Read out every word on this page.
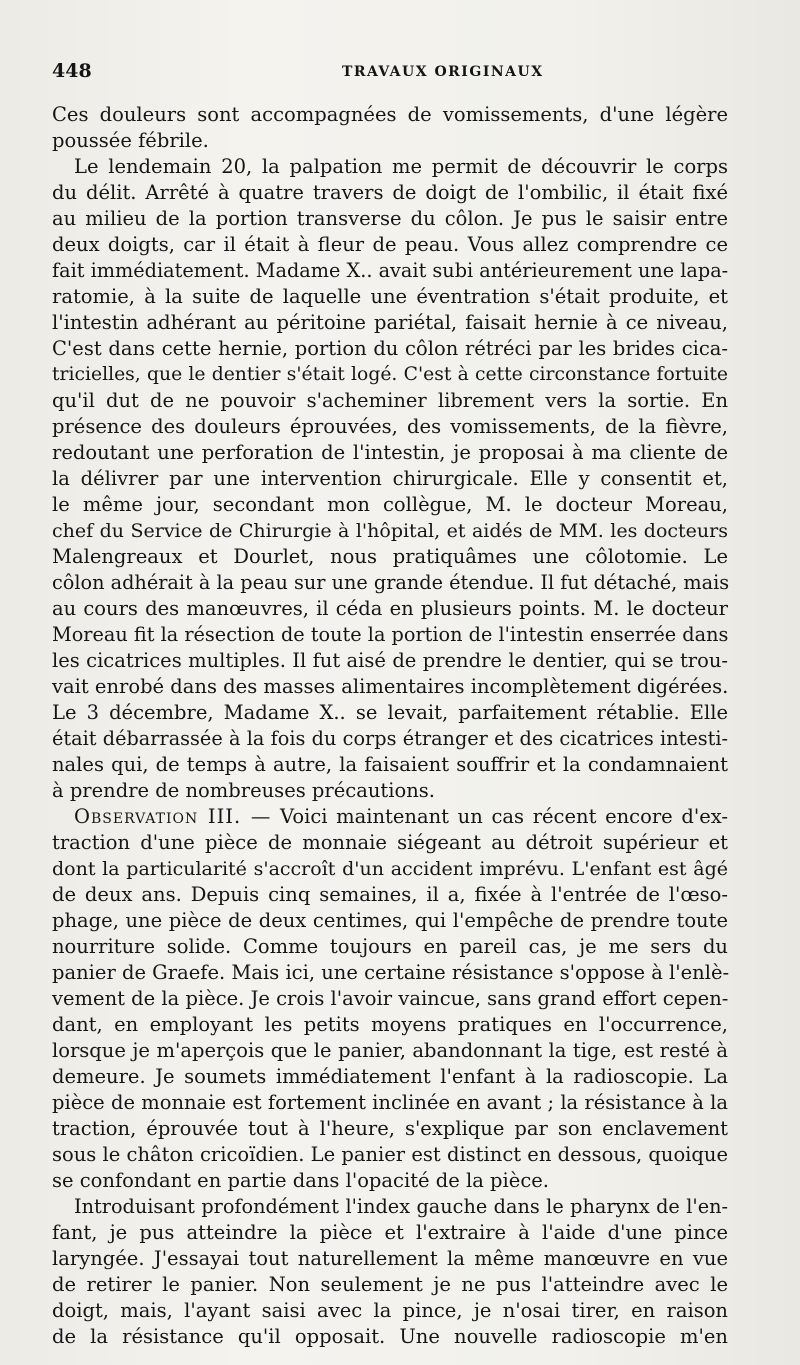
448	TRAVAUX ORIGINAUX
Ces douleurs sont accompagnées de vomissements, d'une légère
poussée fébrile.
Le lendemain 20, la palpation me permit de découvrir le corps
du délit. Arrêté à quatre travers de doigt de l'ombilic, il était fixé
au milieu de la portion transverse du côlon. Je pus le saisir entre
deux doigts, car il était à fleur de peau. Vous allez comprendre ce
fait immédiatement. Madame X.. avait subi antérieurement une lapa-
ratomie, à la suite de laquelle une éventration s'était produite, et
l'intestin adhérant au péritoine pariétal, faisait hernie à ce niveau,
C'est dans cette hernie, portion du côlon rétréci par les brides cica-
tricielles, que le dentier s'était logé. C'est à cette circonstance fortuite
qu'il dut de ne pouvoir s'acheminer librement vers la sortie. En
présence des douleurs éprouvées, des vomissements, de la fièvre,
redoutant une perforation de l'intestin, je proposai à ma cliente de
la délivrer par une intervention chirurgicale. Elle y consentit et,
le même jour, secondant mon collègue, M. le docteur Moreau,
chef du Service de Chirurgie à l'hôpital, et aidés de MM. les docteurs
Malengreaux et Dourlet, nous pratiquâmes une côlotomie. Le
côlon adhérait à la peau sur une grande étendue. Il fut détaché, mais
au cours des manœuvres, il céda en plusieurs points. M. le docteur
Moreau fit la résection de toute la portion de l'intestin enserrée dans
les cicatrices multiples. Il fut aisé de prendre le dentier, qui se trou-
vait enrobé dans des masses alimentaires incomplètement digérées.
Le 3 décembre, Madame X.. se levait, parfaitement rétablie. Elle
était débarrassée à la fois du corps étranger et des cicatrices intesti-
nales qui, de temps à autre, la faisaient souffrir et la condamnaient
à prendre de nombreuses précautions.
Observation III. — Voici maintenant un cas récent encore d'ex-
traction d'une pièce de monnaie siégeant au détroit supérieur et
dont la particularité s'accroît d'un accident imprévu. L'enfant est âgé
de deux ans. Depuis cinq semaines, il a, fixée à l'entrée de l'œso-
phage, une pièce de deux centimes, qui l'empêche de prendre toute
nourriture solide. Comme toujours en pareil cas, je me sers du
panier de Graefe. Mais ici, une certaine résistance s'oppose à l'enlè-
vement de la pièce. Je crois l'avoir vaincue, sans grand effort cepen-
dant, en employant les petits moyens pratiques en l'occurrence,
lorsque je m'aperçois que le panier, abandonnant la tige, est resté à
demeure. Je soumets immédiatement l'enfant à la radioscopie. La
pièce de monnaie est fortement inclinée en avant ; la résistance à la
traction, éprouvée tout à l'heure, s'explique par son enclavement
sous le châton cricoïdien. Le panier est distinct en dessous, quoique
se confondant en partie dans l'opacité de la pièce.
Introduisant profondément l'index gauche dans le pharynx de l'en-
fant, je pus atteindre la pièce et l'extraire à l'aide d'une pince
laryngée. J'essayai tout naturellement la même manœuvre en vue
de retirer le panier. Non seulement je ne pus l'atteindre avec le
doigt, mais, l'ayant saisi avec la pince, je n'osai tirer, en raison
de la résistance qu'il opposait. Une nouvelle radioscopie m'en
